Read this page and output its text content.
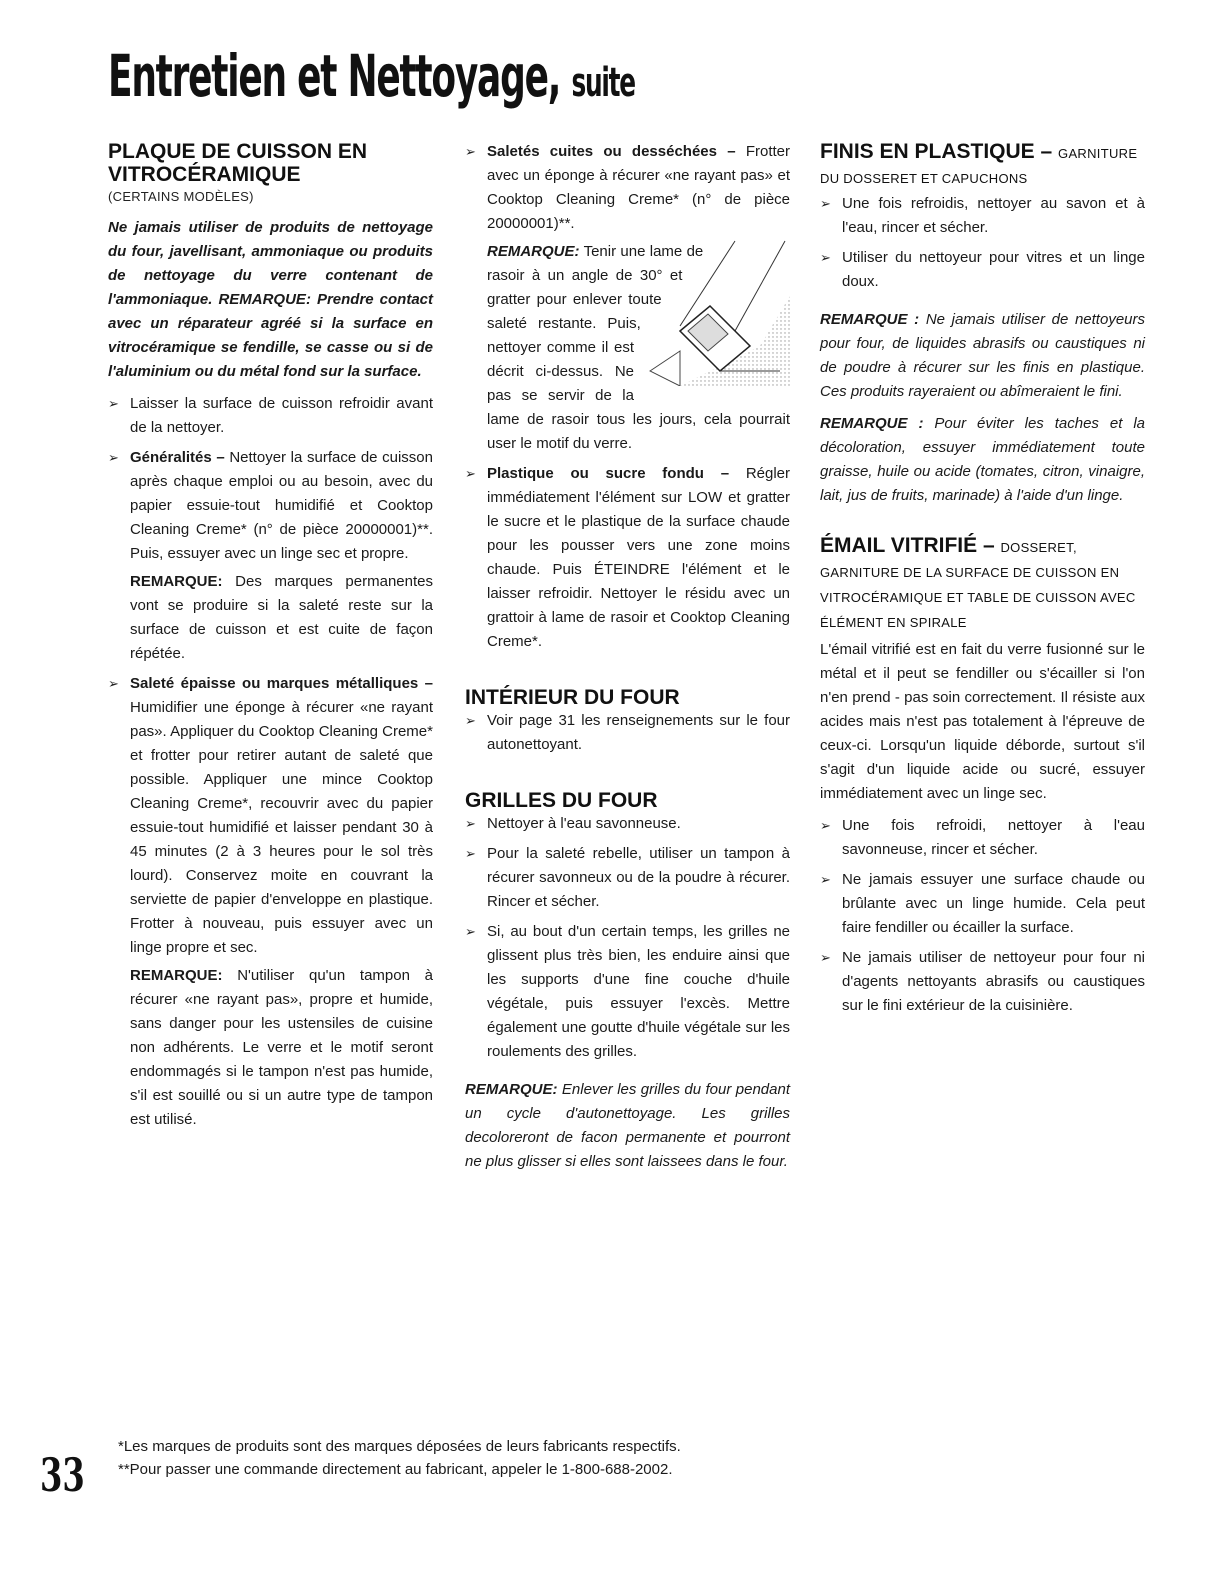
Entretien et Nettoyage, suite
PLAQUE DE CUISSON EN VITROCÉRAMIQUE
(CERTAINS MODÈLES)

Ne jamais utiliser de produits de nettoyage du four, javellisant, ammoniaque ou produits de nettoyage du verre contenant de l'ammoniaque. REMARQUE: Prendre contact avec un réparateur agréé si la surface en vitrocéramique se fendille, se casse ou si de l'aluminium ou du métal fond sur la surface.

➢ Laisser la surface de cuisson refroidir avant de la nettoyer.
➢ Généralités – Nettoyer la surface de cuisson après chaque emploi ou au besoin, avec du papier essuie-tout humidifié et Cooktop Cleaning Creme* (n° de pièce 20000001)**. Puis, essuyer avec un linge sec et propre.

REMARQUE: Des marques permanentes vont se produire si la saleté reste sur la surface de cuisson et est cuite de façon répétée.

➢ Saleté épaisse ou marques métalliques – Humidifier une éponge à récurer «ne rayant pas». Appliquer du Cooktop Cleaning Creme* et frotter pour retirer autant de saleté que possible. Appliquer une mince Cooktop Cleaning Creme*, recouvrir avec du papier essuie-tout humidifié et laisser pendant 30 à 45 minutes (2 à 3 heures pour le sol très lourd). Conservez moite en couvrant la serviette de papier d'enveloppe en plastique. Frotter à nouveau, puis essuyer avec un linge propre et sec.

REMARQUE: N'utiliser qu'un tampon à récurer «ne rayant pas», propre et humide, sans danger pour les ustensiles de cuisine non adhérents. Le verre et le motif seront endommagés si le tampon n'est pas humide, s'il est souillé ou si un autre type de tampon est utilisé.

➢ Saletés cuites ou desséchées – Frotter avec un éponge à récurer «ne rayant pas» et Cooktop Cleaning Creme* (n° de pièce 20000001)**.

REMARQUE: Tenir une lame de rasoir à un angle de 30° et gratter pour enlever toute saleté restante. Puis, nettoyer comme il est décrit ci-dessus. Ne pas se servir de la lame de rasoir tous les jours, cela pourrait user le motif du verre.

➢ Plastique ou sucre fondu – Régler immédiatement l'élément sur LOW et gratter le sucre et le plastique de la surface chaude pour les pousser vers une zone moins chaude. Puis ÉTEINDRE l'élément et le laisser refroidir. Nettoyer le résidu avec un grattoir à lame de rasoir et Cooktop Cleaning Creme*.

INTÉRIEUR DU FOUR
➢ Voir page 31 les renseignements sur le four autonettoyant.
GRILLES DU FOUR
➢ Nettoyer à l'eau savonneuse.
➢ Pour la saleté rebelle, utiliser un tampon à récurer savonneux ou de la poudre à récurer. Rincer et sécher.
➢ Si, au bout d'un certain temps, les grilles ne glissent plus très bien, les enduire ainsi que les supports d'une fine couche d'huile végétale, puis essuyer l'excès. Mettre également une goutte d'huile végétale sur les roulements des grilles.

REMARQUE: Enlever les grilles du four pendant un cycle d'autonettoyage. Les grilles decoloreront de facon permanente et pourront ne plus glisser si elles sont laissees dans le four.

FINIS EN PLASTIQUE – GARNITURE DU DOSSERET ET CAPUCHONS
➢ Une fois refroidis, nettoyer au savon et à l'eau, rincer et sécher.
➢ Utiliser du nettoyeur pour vitres et un linge doux.

REMARQUE : Ne jamais utiliser de nettoyeurs pour four, de liquides abrasifs ou caustiques ni de poudre à récurer sur les finis en plastique. Ces produits rayeraient ou abîmeraient le fini.

REMARQUE : Pour éviter les taches et la décoloration, essuyer immédiatement toute graisse, huile ou acide (tomates, citron, vinaigre, lait, jus de fruits, marinade) à l'aide d'un linge.

ÉMAIL VITRIFIÉ – DOSSERET, GARNITURE DE LA SURFACE DE CUISSON EN VITROCÉRAMIQUE ET TABLE DE CUISSON AVEC ÉLÉMENT EN SPIRALE

L'émail vitrifié est en fait du verre fusionné sur le métal et il peut se fendiller ou s'écailler si l'on n'en prend - pas soin correctement. Il résiste aux acides mais n'est pas totalement à l'épreuve de ceux-ci. Lorsqu'un liquide déborde, surtout s'il s'agit d'un liquide acide ou sucré, essuyer immédiatement avec un linge sec.

➢ Une fois refroidi, nettoyer à l'eau savonneuse, rincer et sécher.
➢ Ne jamais essuyer une surface chaude ou brûlante avec un linge humide. Cela peut faire fendiller ou écailler la surface.
➢ Ne jamais utiliser de nettoyeur pour four ni d'agents nettoyants abrasifs ou caustiques sur le fini extérieur de la cuisinière.
*Les marques de produits sont des marques déposées de leurs fabricants respectifs.
**Pour passer une commande directement au fabricant, appeler le 1-800-688-2002.
33
